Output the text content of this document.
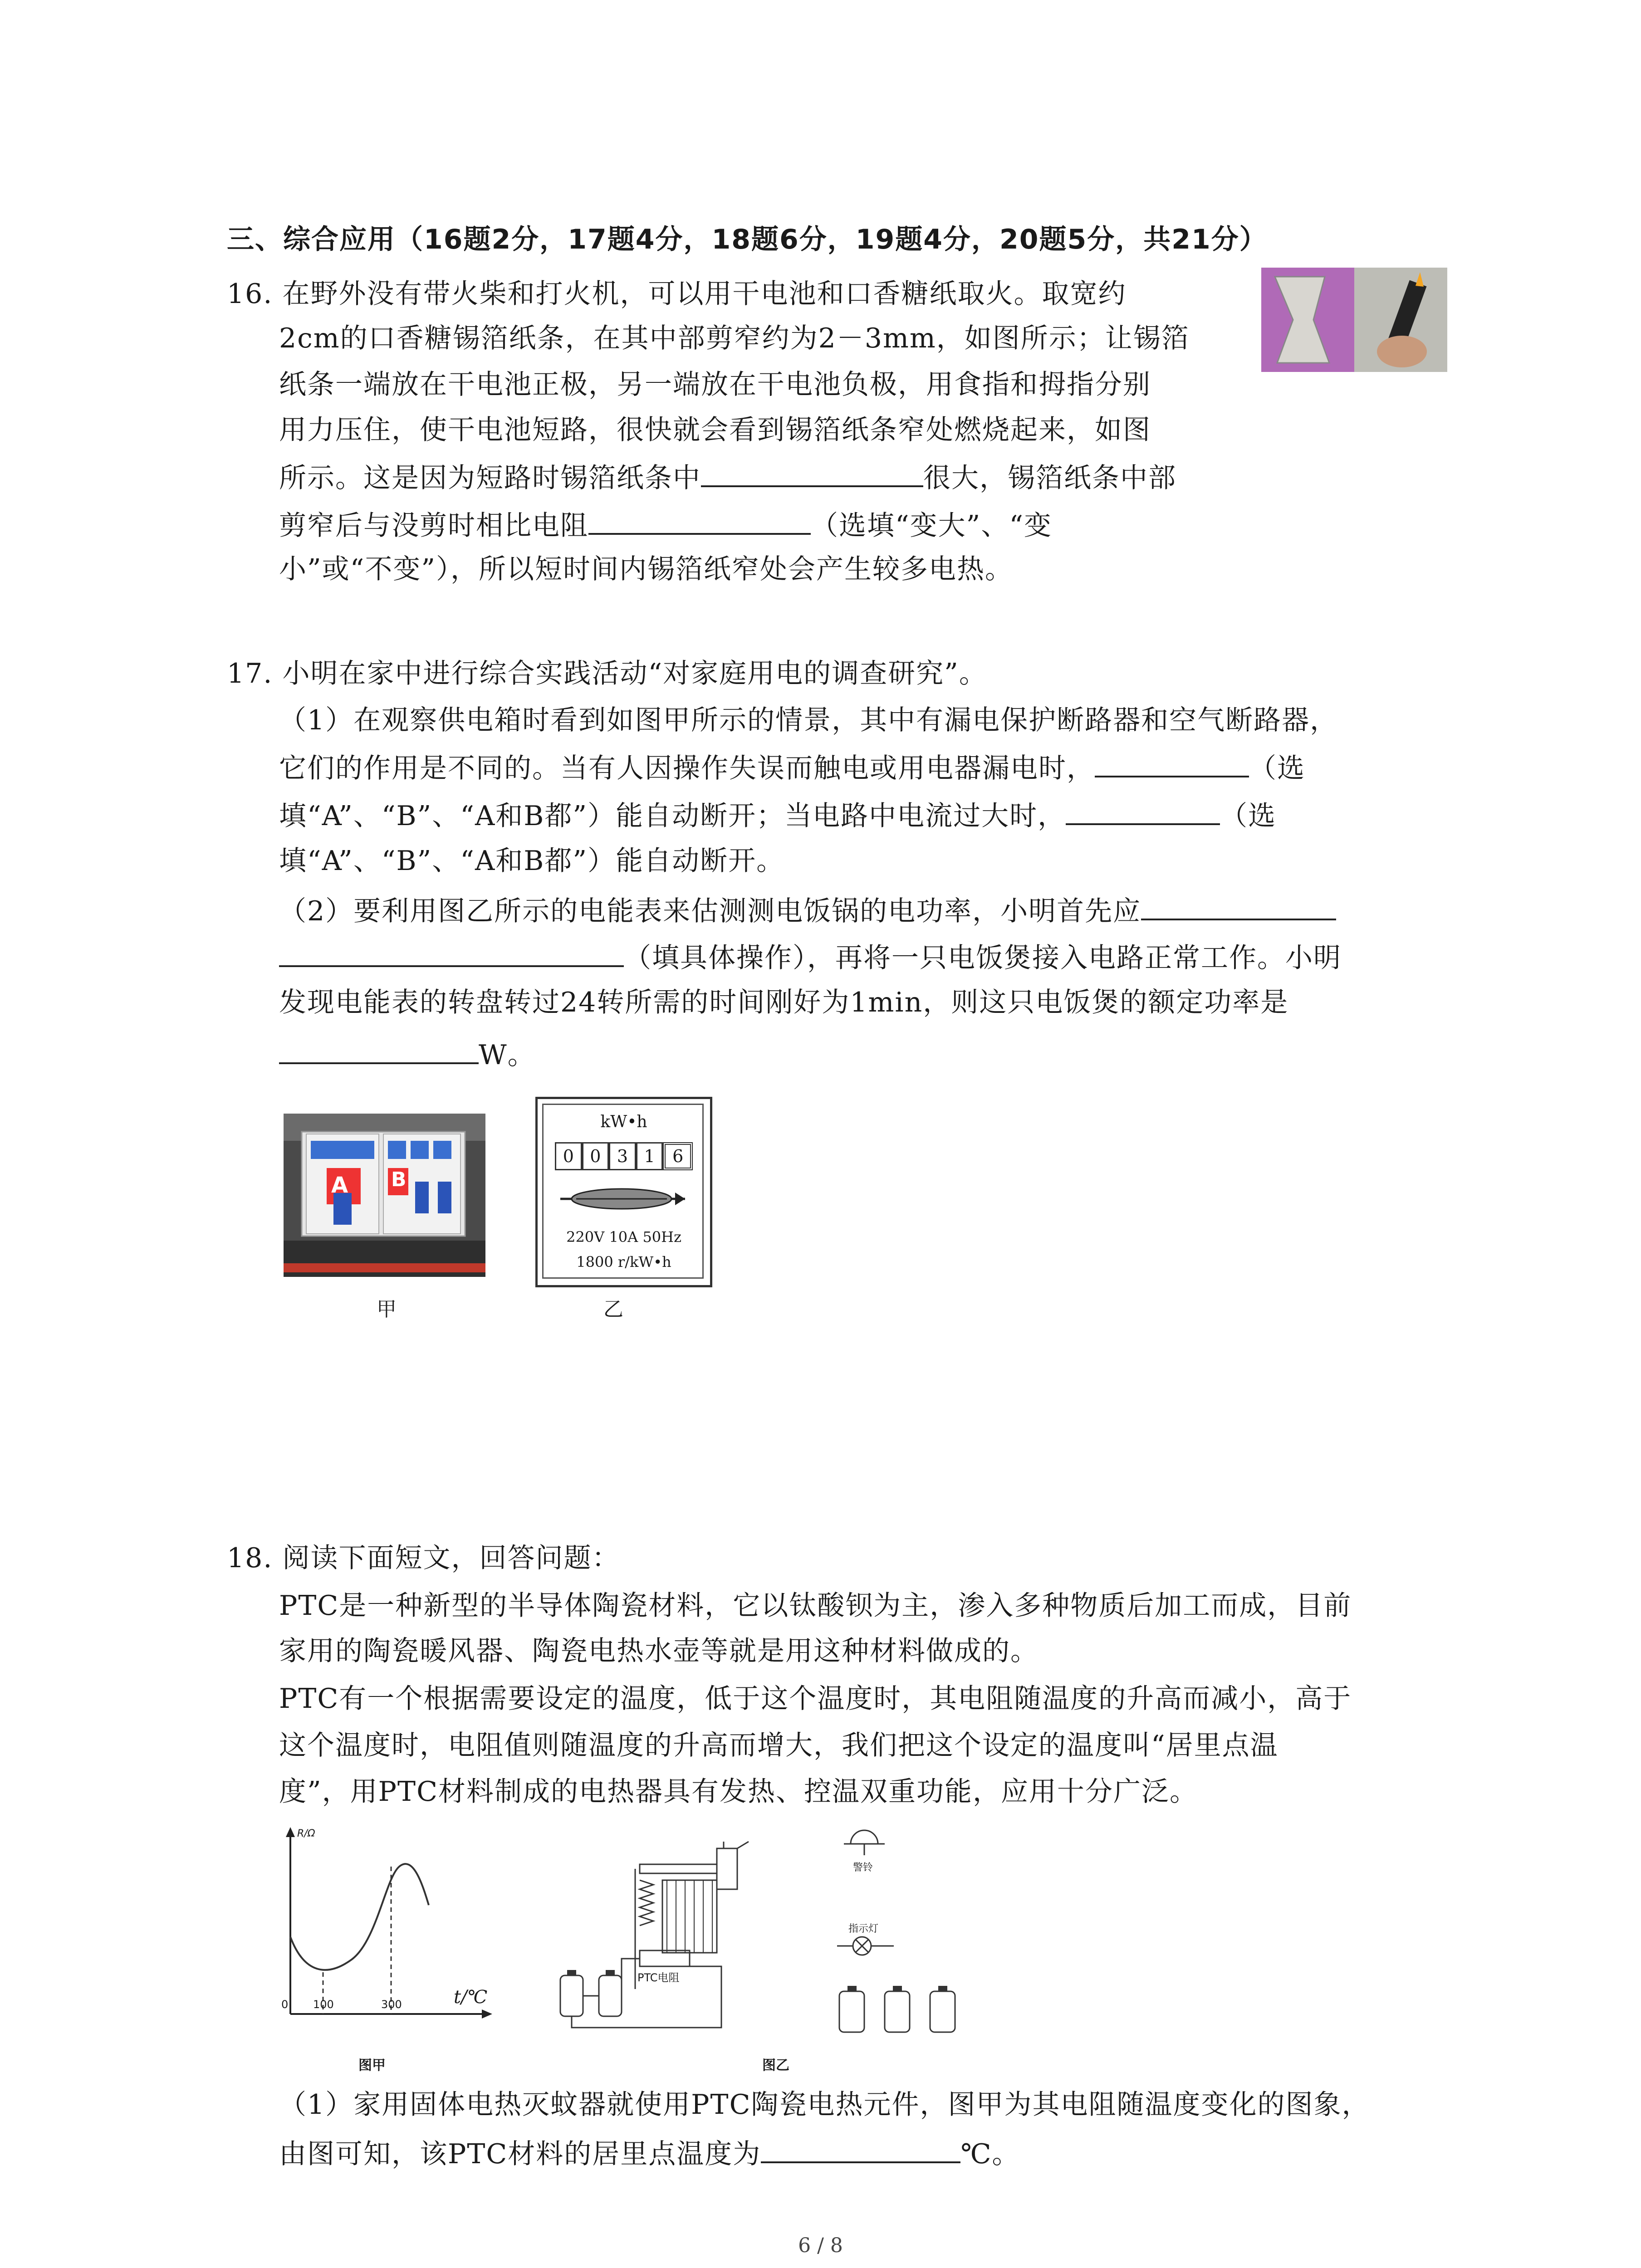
三、综合应用（16题2分，17题4分，18题6分，19题4分，20题5分，共21分）
16. 在野外没有带火柴和打火机，可以用干电池和口香糖纸取火。取宽约
2cm的口香糖锡箔纸条，在其中部剪窄约为2－3mm，如图所示；让锡箔
纸条一端放在干电池正极，另一端放在干电池负极，用食指和拇指分别
用力压住，使干电池短路，很快就会看到锡箔纸条窄处燃烧起来，如图
所示。这是因为短路时锡箔纸条中	很大，锡箔纸条中部
剪窄后与没剪时相比电阻	（选填“变大”、“变
小”或“不变”），所以短时间内锡箔纸窄处会产生较多电热。
17. 小明在家中进行综合实践活动“对家庭用电的调查研究”。
（1）在观察供电箱时看到如图甲所示的情景，其中有漏电保护断路器和空气断路器，
它们的作用是不同的。当有人因操作失误而触电或用电器漏电时，	（选
填“A”、“B”、“A和B都”）能自动断开；当电路中电流过大时，	（选
填“A”、“B”、“A和B都”）能自动断开。
（2）要利用图乙所示的电能表来估测测电饭锅的电功率，小明首先应
（填具体操作），再将一只电饭煲接入电路正常工作。小明
发现电能表的转盘转过24转所需的时间刚好为1min，则这只电饭煲的额定功率是
W。
A B
甲
kW•h
0 0 3 1	6
220V 10A 50Hz
1800 r/kW•h
乙
18. 阅读下面短文，回答问题：
PTC是一种新型的半导体陶瓷材料，它以钛酸钡为主，渗入多种物质后加工而成，目前
家用的陶瓷暖风器、陶瓷电热水壶等就是用这种材料做成的。
PTC有一个根据需要设定的温度，低于这个温度时，其电阻随温度的升高而减小，高于
这个温度时，电阻值则随温度的升高而增大，我们把这个设定的温度叫“居里点温
度”，用PTC材料制成的电热器具有发热、控温双重功能，应用十分广泛。
R/Ω
0 100	300	t/℃
图甲
PTC电阻
警铃
指示灯
图乙
（1）家用固体电热灭蚊器就使用PTC陶瓷电热元件，图甲为其电阻随温度变化的图象，
由图可知，该PTC材料的居里点温度为	℃。
6 / 8
